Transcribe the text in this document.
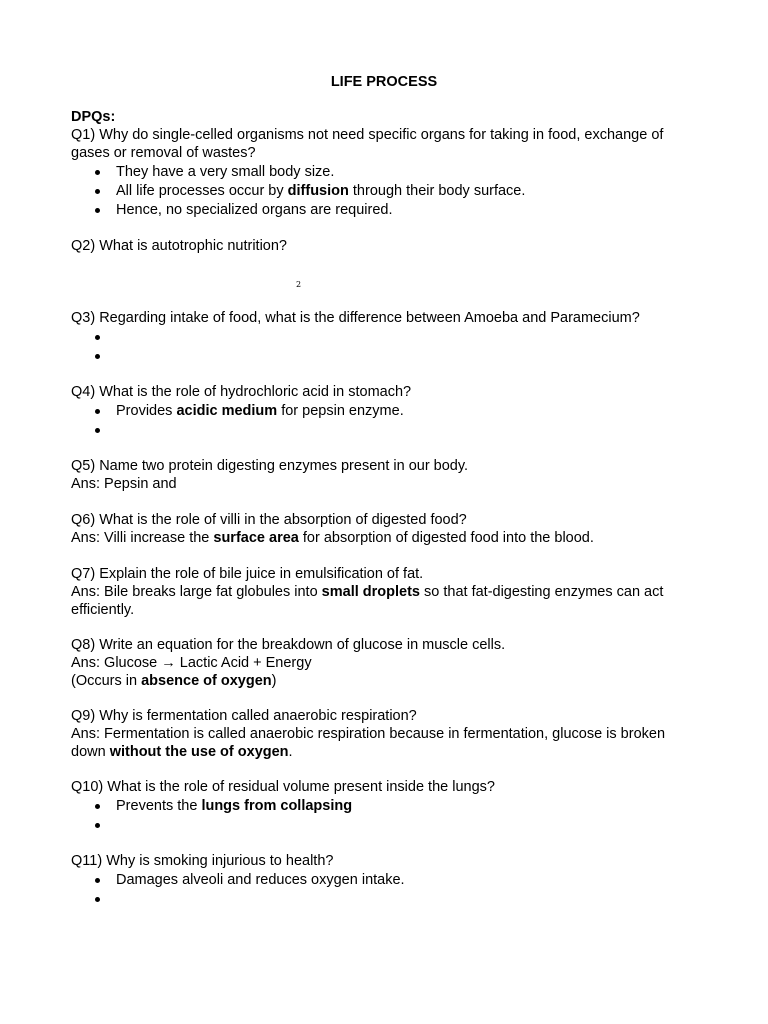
LIFE PROCESS
2

DPQs:

Q1) Why do single-celled organisms not need specific organs for taking in food, exchange of gases or removal of wastes?

They have a very small body size.
All life processes occur by diffusion through their body surface.
Hence, no specialized organs are required.

Q2) What is autotrophic nutrition?

Q3) Regarding intake of food, what is the difference between Amoeba and Paramecium?

Q4) What is the role of hydrochloric acid in stomach?

Provides acidic medium for pepsin enzyme.

Q5) Name two protein digesting enzymes present in our body.

Ans: Pepsin and

Q6) What is the role of villi in the absorption of digested food?

Ans: Villi increase the surface area for absorption of digested food into the blood.

Q7) Explain the role of bile juice in emulsification of fat.

Ans: Bile breaks large fat globules into small droplets so that fat-digesting enzymes can act efficiently.

Q8) Write an equation for the breakdown of glucose in muscle cells.

Ans: Glucose → Lactic Acid + Energy

(Occurs in absence of oxygen)

Q9) Why is fermentation called anaerobic respiration?

Ans: Fermentation is called anaerobic respiration because in fermentation, glucose is broken down without the use of oxygen.

Q10) What is the role of residual volume present inside the lungs?

Prevents the lungs from collapsing

Q11) Why is smoking injurious to health?

Damages alveoli and reduces oxygen intake.
